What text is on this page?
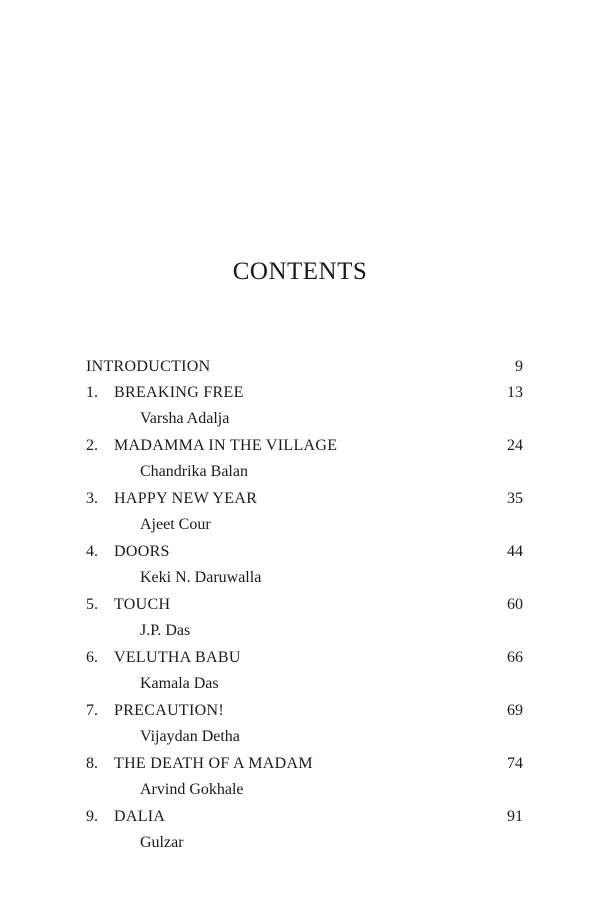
CONTENTS
INTRODUCTION	9
1.	BREAKING FREE	13
Varsha Adalja
2.	MADAMMA IN THE VILLAGE	24
Chandrika Balan
3.	HAPPY NEW YEAR	35
Ajeet Cour
4.	DOORS	44
Keki N. Daruwalla
5.	TOUCH	60
J.P. Das
6.	VELUTHA BABU	66
Kamala Das
7.	PRECAUTION!	69
Vijaydan Detha
8.	THE DEATH OF A MADAM	74
Arvind Gokhale
9.	DALIA	91
Gulzar
